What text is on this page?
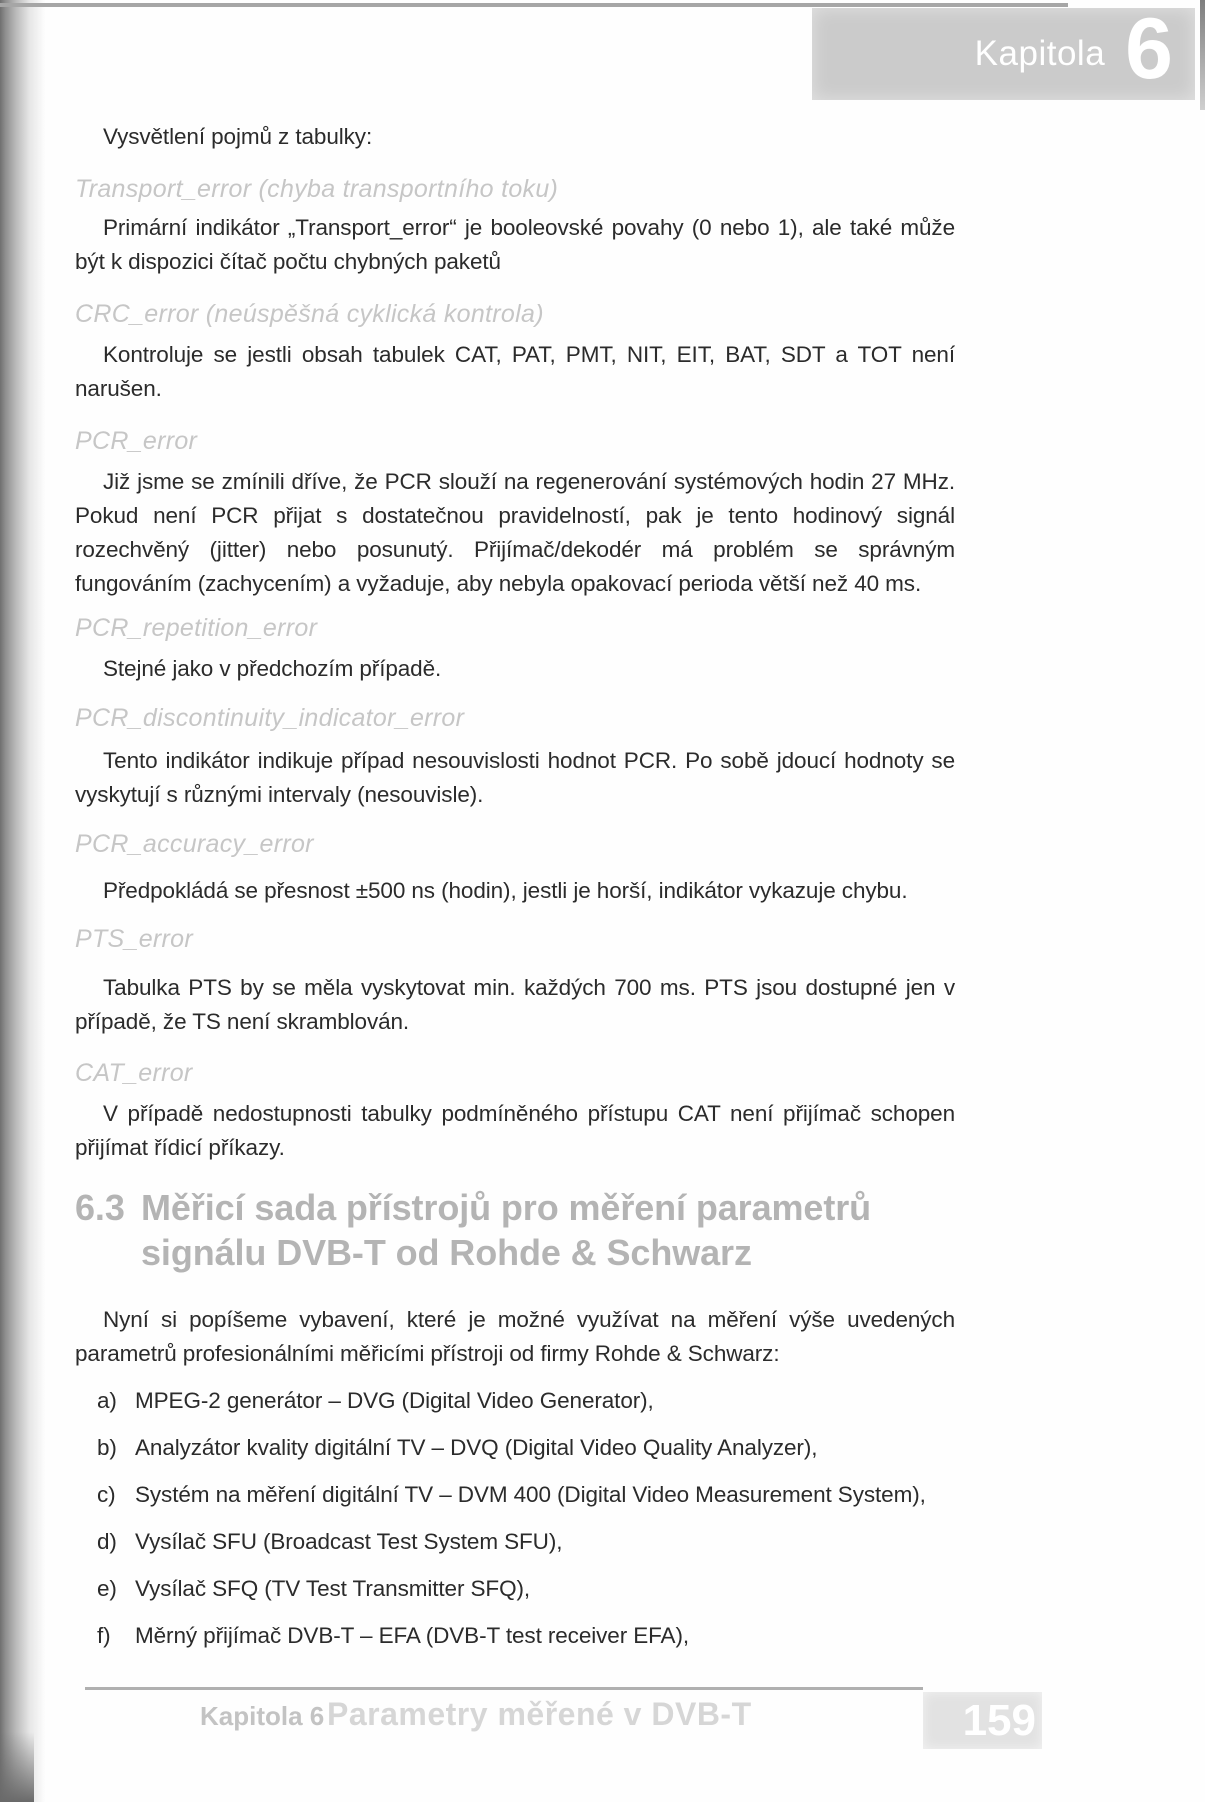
Kapitola 6

Vysvětlení pojmů z tabulky:

Transport_error (chyba transportního toku)

Primární indikátor „Transport_error“ je booleovské povahy (0 nebo 1), ale také může být k dispozici čítač počtu chybných paketů

CRC_error (neúspěšná cyklická kontrola)

Kontroluje se jestli obsah tabulek CAT, PAT, PMT, NIT, EIT, BAT, SDT a TOT není narušen.

PCR_error

Již jsme se zmínili dříve, že PCR slouží na regenerování systémových hodin 27 MHz. Pokud není PCR přijat s dostatečnou pravidelností, pak je tento hodinový signál rozechvěný (jitter) nebo posunutý. Přijímač/dekodér má problém se správným fungováním (zachycením) a vyžaduje, aby nebyla opakovací perioda větší než 40 ms.

PCR_repetition_error

Stejné jako v předchozím případě.

PCR_discontinuity_indicator_error

Tento indikátor indikuje případ nesouvislosti hodnot PCR. Po sobě jdoucí hodnoty se vyskytují s různými intervaly (nesouvisle).

PCR_accuracy_error

Předpokládá se přesnost ±500 ns (hodin), jestli je horší, indikátor vykazuje chybu.

PTS_error

Tabulka PTS by se měla vyskytovat min. každých 700 ms. PTS jsou dostupné jen v případě, že TS není skramblován.

CAT_error

V případě nedostupnosti tabulky podmíněného přístupu CAT není přijímač schopen přijímat řídicí příkazy.

6.3 Měřicí sada přístrojů pro měření parametrů signálu DVB-T od Rohde & Schwarz

Nyní si popíšeme vybavení, které je možné využívat na měření výše uvedených parametrů profesionálními měřicími přístroji od firmy Rohde & Schwarz:

a) MPEG-2 generátor – DVG (Digital Video Generator),
b) Analyzátor kvality digitální TV – DVQ (Digital Video Quality Analyzer),
c) Systém na měření digitální TV – DVM 400 (Digital Video Measurement System),
d) Vysílač SFU (Broadcast Test System SFU),
e) Vysílač SFQ (TV Test Transmitter SFQ),
f)	Měrný přijímač DVB-T – EFA (DVB-T test receiver EFA),
Kapitola 6 Parametry měřené v DVB-T	159
